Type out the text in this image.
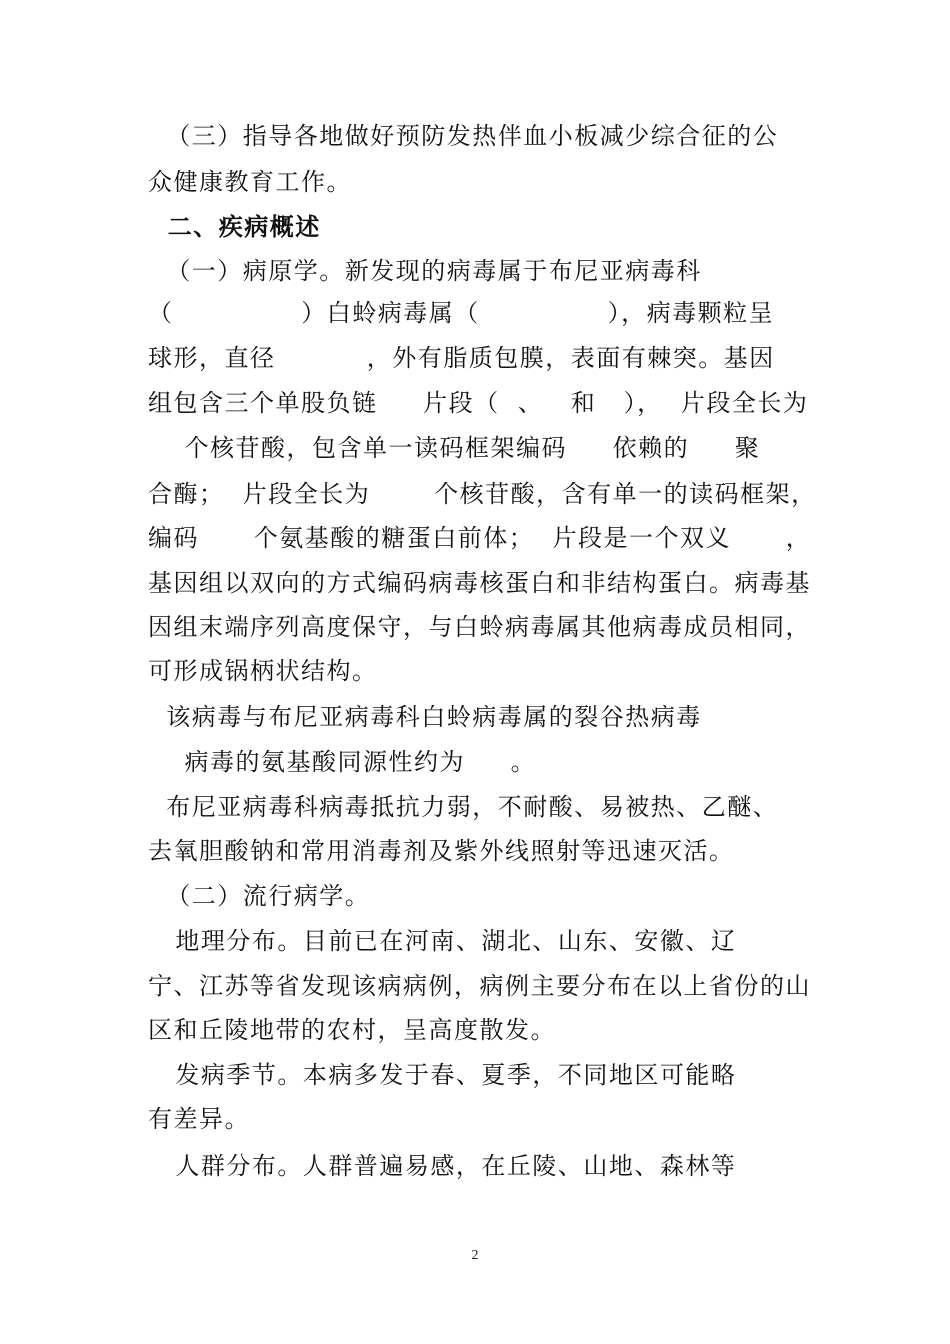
（三）指导各地做好预防发热伴血小板减少综合征的公
众健康教育工作。
二、疾病概述
（一）病原学。新发现的病毒属于布尼亚病毒科
（              ）白蛉病毒属（              ），病毒颗粒呈
球形，直径          ，外有脂质包膜，表面有棘突。基因
组包含三个单股负链     片段（  、   和   ），  片段全长为
个核苷酸，包含单一读码框架编码     依赖的     聚
合酶；  片段全长为       个核苷酸，含有单一的读码框架，
编码      个氨基酸的糖蛋白前体；  片段是一个双义      ，
基因组以双向的方式编码病毒核蛋白和非结构蛋白。病毒基
因组末端序列高度保守，与白蛉病毒属其他病毒成员相同，
可形成锅柄状结构。
该病毒与布尼亚病毒科白蛉病毒属的裂谷热病毒
病毒的氨基酸同源性约为     。
布尼亚病毒科病毒抵抗力弱，不耐酸、易被热、乙醚、
去氧胆酸钠和常用消毒剂及紫外线照射等迅速灭活。
（二）流行病学。
地理分布。目前已在河南、湖北、山东、安徽、辽
宁、江苏等省发现该病病例，病例主要分布在以上省份的山
区和丘陵地带的农村，呈高度散发。
发病季节。本病多发于春、夏季，不同地区可能略
有差异。
人群分布。人群普遍易感，在丘陵、山地、森林等
2
